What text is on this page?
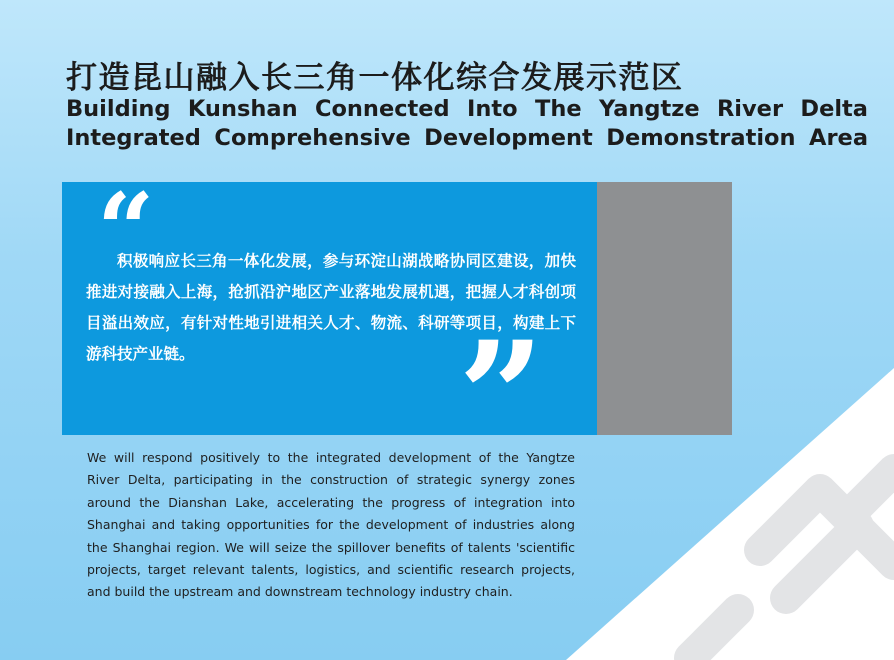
打造昆山融入长三角一体化综合发展示范区
Building Kunshan Connected Into The Yangtze River Delta
Integrated Comprehensive Development Demonstration Area
“

积极响应长三角一体化发展，参与环淀山湖战略协同区建设，加快推进对接融入上海，抢抓沿沪地区产业落地发展机遇，把握人才科创项目溢出效应，有针对性地引进相关人才、物流、科研等项目，构建上下游科技产业链。	”

We will respond positively to the integrated development of the Yangtze River Delta, participating in the construction of strategic synergy zones around the Dianshan Lake, accelerating the progress of integration into Shanghai and taking opportunities for the development of industries along the Shanghai region. We will seize the spillover benefits of talents 'scientific projects, target relevant talents, logistics, and scientific research projects, and build the upstream and downstream technology industry chain.
